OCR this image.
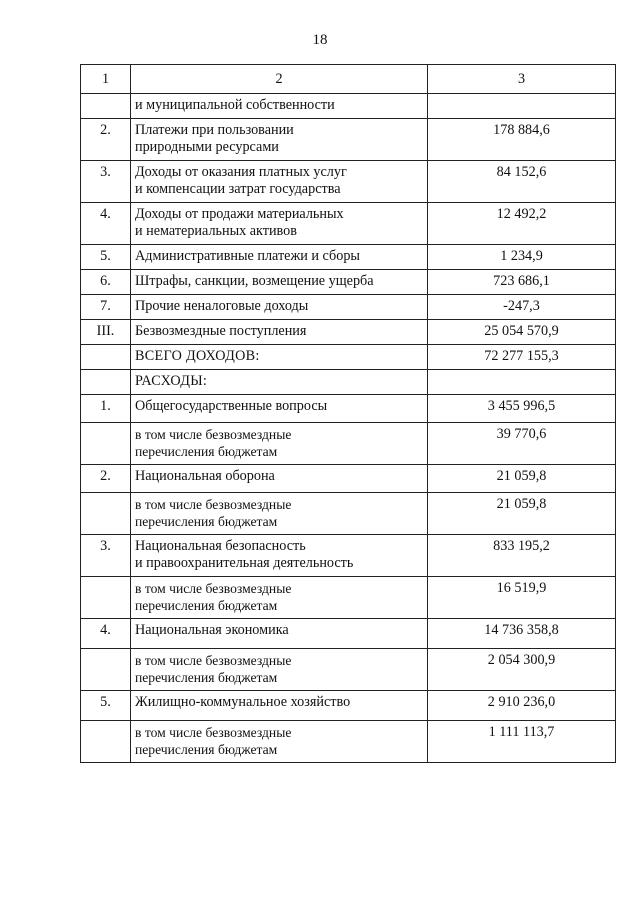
18
1	2	3
	и муниципальной собственности	
2.	Платежи при пользовании
природными ресурсами	178 884,6
3.	Доходы от оказания платных услуг
и компенсации затрат государства	84 152,6
4.	Доходы от продажи материальных
и нематериальных активов	12 492,2
5.	Административные платежи и сборы	1 234,9
6.	Штрафы, санкции, возмещение ущерба	723 686,1
7.	Прочие неналоговые доходы	-247,3
III.	Безвозмездные поступления	25 054 570,9
	ВСЕГО ДОХОДОВ:	72 277 155,3
	РАСХОДЫ:	
1.	Общегосударственные вопросы	3 455 996,5
	в том числе безвозмездные
перечисления бюджетам	39 770,6
2.	Национальная оборона	21 059,8
	в том числе безвозмездные
перечисления бюджетам	21 059,8
3.	Национальная безопасность
и правоохранительная деятельность	833 195,2
	в том числе безвозмездные
перечисления бюджетам	16 519,9
4.	Национальная экономика	14 736 358,8
	в том числе безвозмездные
перечисления бюджетам	2 054 300,9
5.	Жилищно-коммунальное хозяйство	2 910 236,0
	в том числе безвозмездные
перечисления бюджетам	1 111 113,7
